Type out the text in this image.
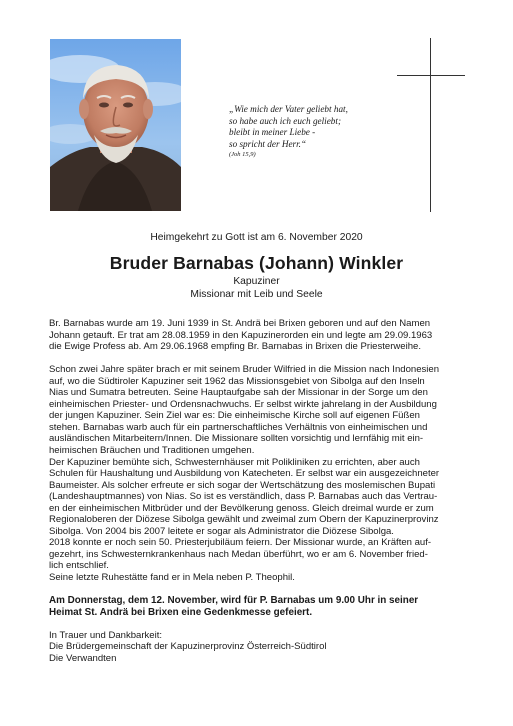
„Wie mich der Vater geliebt hat,
so habe auch ich euch geliebt;
bleibt in meiner Liebe -
so spricht der Herr.“
(Joh 15,9)
Heimgekehrt zu Gott ist am 6. November 2020
Bruder Barnabas (Johann) Winkler
Kapuziner
Missionar mit Leib und Seele
Br. Barnabas wurde am 19. Juni 1939 in St. Andrä bei Brixen geboren und auf den Namen
Johann getauft. Er trat am 28.08.1959 in den Kapuzinerorden ein und legte am 29.09.1963
die Ewige Profess ab. Am 29.06.1968 empfing Br. Barnabas in Brixen die Priesterweihe.
Schon zwei Jahre später brach er mit seinem Bruder Wilfried in die Mission nach Indonesien
auf, wo die Südtiroler Kapuziner seit 1962 das Missionsgebiet von Sibolga auf den Inseln
Nias und Sumatra betreuten. Seine Hauptaufgabe sah der Missionar in der Sorge um den
einheimischen Priester- und Ordensnachwuchs. Er selbst wirkte jahrelang in der Ausbildung
der jungen Kapuziner. Sein Ziel war es: Die einheimische Kirche soll auf eigenen Füßen
stehen. Barnabas warb auch für ein partnerschaftliches Verhältnis von einheimischen und
ausländischen Mitarbeitern/Innen. Die Missionare sollten vorsichtig und lernfähig mit ein-
heimischen Bräuchen und Traditionen umgehen.
Der Kapuziner bemühte sich, Schwesternhäuser mit Polikliniken zu errichten, aber auch
Schulen für Haushaltung und Ausbildung von Katecheten. Er selbst war ein ausgezeichneter
Baumeister. Als solcher erfreute er sich sogar der Wertschätzung des moslemischen Bupati
(Landeshauptmannes) von Nias. So ist es verständlich, dass P. Barnabas auch das Vertrau-
en der einheimischen Mitbrüder und der Bevölkerung genoss. Gleich dreimal wurde er zum
Regionaloberen der Diözese Sibolga gewählt und zweimal zum Obern der Kapuzinerprovinz
Sibolga. Von 2004 bis 2007 leitete er sogar als Administrator die Diözese Sibolga.
2018 konnte er noch sein 50. Priesterjubiläum feiern. Der Missionar wurde, an Kräften auf-
gezehrt, ins Schwesternkrankenhaus nach Medan überführt, wo er am 6. November fried-
lich entschlief.
Seine letzte Ruhestätte fand er in Mela neben P. Theophil.
Am Donnerstag, dem 12. November, wird für P. Barnabas um 9.00 Uhr in seiner
Heimat St. Andrä bei Brixen eine Gedenkmesse gefeiert.
In Trauer und Dankbarkeit:
Die Brüdergemeinschaft der Kapuzinerprovinz Österreich-Südtirol
Die Verwandten
